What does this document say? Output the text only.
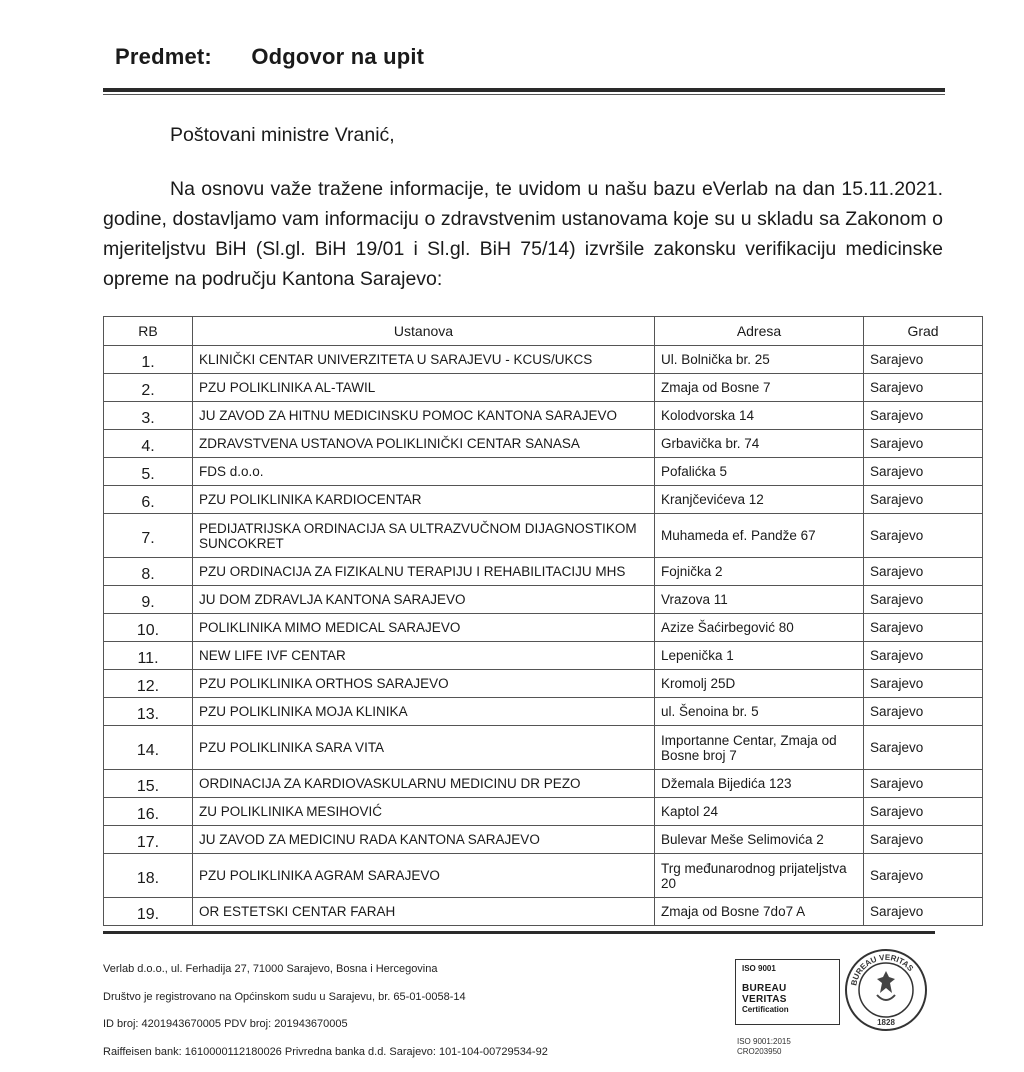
Predmet: Odgovor na upit
Poštovani ministre Vranić,
Na osnovu važe tražene informacije, te uvidom u našu bazu eVerlab na dan 15.11.2021. godine, dostavljamo vam informaciju o zdravstvenim ustanovama koje su u skladu sa Zakonom o mjeriteljstvu BiH (Sl.gl. BiH 19/01 i Sl.gl. BiH 75/14) izvršile zakonsku verifikaciju medicinske opreme na području Kantona Sarajevo:
RB	Ustanova	Adresa	Grad
1.	KLINIČKI CENTAR UNIVERZITETA U SARAJEVU - KCUS/UKCS	Ul. Bolnička br. 25	Sarajevo
2.	PZU POLIKLINIKA AL-TAWIL	Zmaja od Bosne 7	Sarajevo
3.	JU ZAVOD ZA HITNU MEDICINSKU POMOC KANTONA SARAJEVO	Kolodvorska 14	Sarajevo
4.	ZDRAVSTVENA USTANOVA POLIKLINIČKI CENTAR SANASA	Grbavička br. 74	Sarajevo
5.	FDS d.o.o.	Pofalićka 5	Sarajevo
6.	PZU POLIKLINIKA KARDIOCENTAR	Kranjčevićeva 12	Sarajevo
7.	PEDIJATRIJSKA ORDINACIJA SA ULTRAZVUČNOM DIJAGNOSTIKOM SUNCOKRET	Muhameda ef. Pandže 67	Sarajevo
8.	PZU ORDINACIJA ZA FIZIKALNU TERAPIJU I REHABILITACIJU MHS	Fojnička 2	Sarajevo
9.	JU DOM ZDRAVLJA KANTONA SARAJEVO	Vrazova 11	Sarajevo
10.	POLIKLINIKA MIMO MEDICAL SARAJEVO	Azize Šaćirbegović 80	Sarajevo
11.	NEW LIFE IVF CENTAR	Lepenička 1	Sarajevo
12.	PZU POLIKLINIKA ORTHOS SARAJEVO	Kromolj 25D	Sarajevo
13.	PZU POLIKLINIKA MOJA KLINIKA	ul. Šenoina br. 5	Sarajevo
14.	PZU POLIKLINIKA SARA VITA	Importanne Centar, Zmaja od Bosne broj 7	Sarajevo
15.	ORDINACIJA ZA KARDIOVASKULARNU MEDICINU DR PEZO	Džemala Bijedića 123	Sarajevo
16.	ZU POLIKLINIKA MESIHOVIĆ	Kaptol 24	Sarajevo
17.	JU ZAVOD ZA MEDICINU RADA KANTONA SARAJEVO	Bulevar Meše Selimovića 2	Sarajevo
18.	PZU POLIKLINIKA AGRAM SARAJEVO	Trg međunarodnog prijateljstva 20	Sarajevo
19.	OR ESTETSKI CENTAR FARAH	Zmaja od Bosne 7do7 A	Sarajevo
Verlab d.o.o., ul. Ferhadija 27, 71000 Sarajevo, Bosna i Hercegovina
Društvo je registrovano na Općinskom sudu u Sarajevu, br. 65-01-0058-14
ID broj: 4201943670005 PDV broj: 201943670005
Raiffeisen bank: 1610000112180026 Privredna banka d.d. Sarajevo: 101-104-00729534-92
ISO 9001
BUREAU VERITAS
Certification
BUREAU VERITAS
1828
ISO 9001:2015
CRO203950
